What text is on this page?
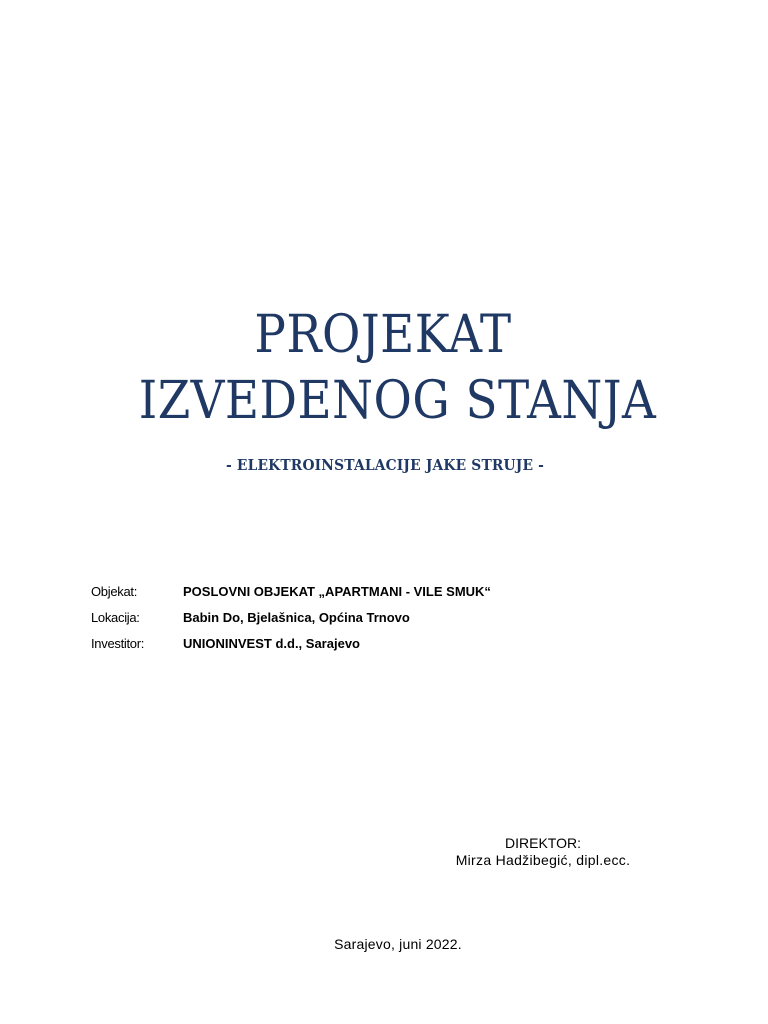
PROJEKAT
IZVEDENOG STANJA
- ELEKTROINSTALACIJE JAKE STRUJE -
Objekat:	POSLOVNI OBJEKAT „APARTMANI - VILE SMUK“
Lokacija:	Babin Do, Bjelašnica, Općina Trnovo
Investitor:	UNIONINVEST d.d., Sarajevo
DIREKTOR:
Mirza Hadžibegić, dipl.ecc.
Sarajevo, juni 2022.
